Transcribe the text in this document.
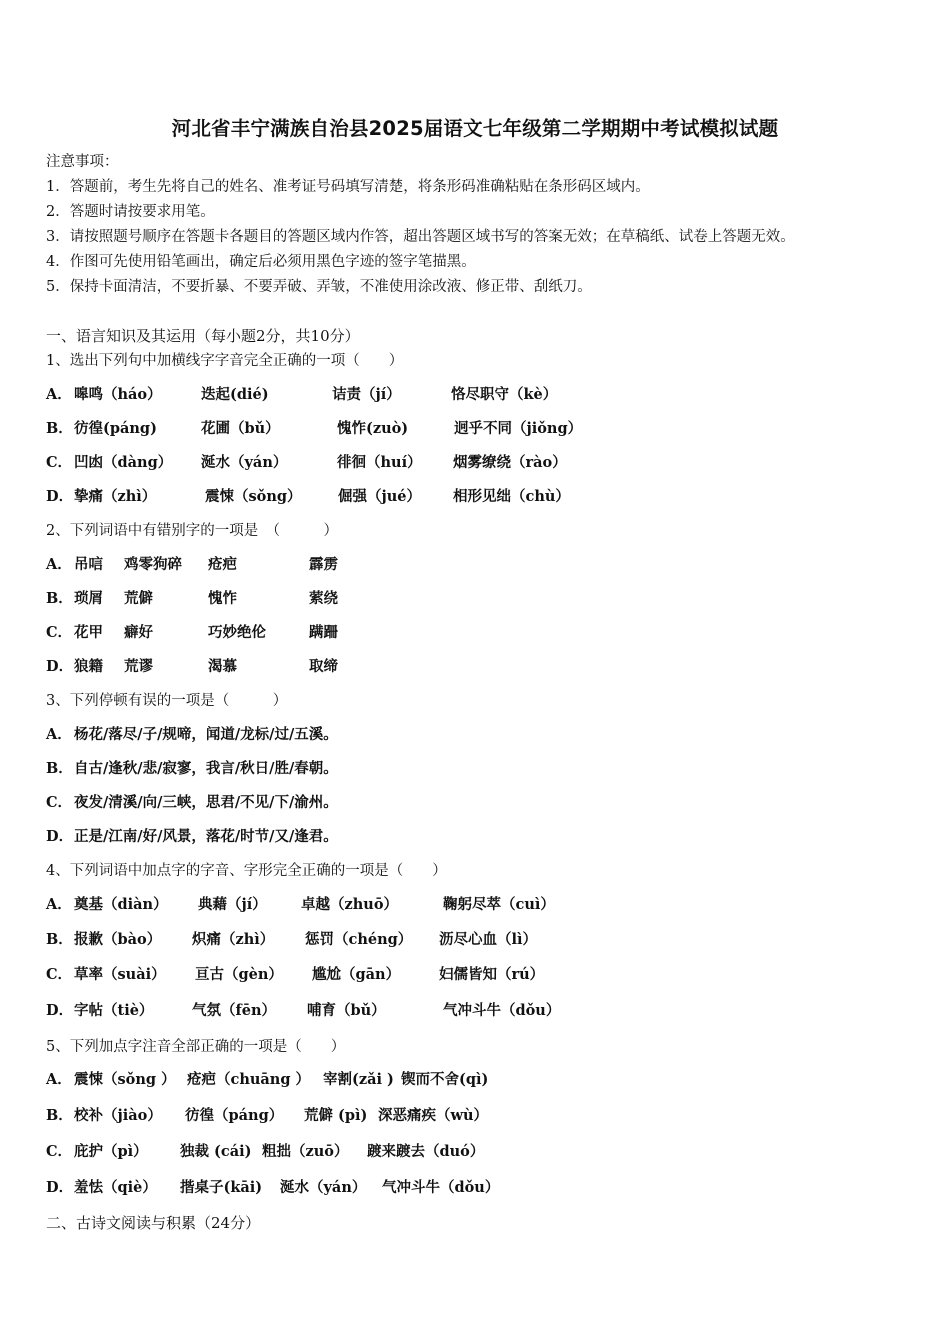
河北省丰宁满族自治县2025届语文七年级第二学期期中考试模拟试题
注意事项：
1．答题前，考生先将自己的姓名、准考证号码填写清楚，将条形码准确粘贴在条形码区域内。
2．答题时请按要求用笔。
3．请按照题号顺序在答题卡各题目的答题区域内作答，超出答题区域书写的答案无效；在草稿纸、试卷上答题无效。
4．作图可先使用铅笔画出，确定后必须用黑色字迹的签字笔描黑。
5．保持卡面清洁，不要折暴、不要弄破、弄皱，不准使用涂改液、修正带、刮纸刀。
一、语言知识及其运用（每小题2分，共10分）
1、选出下列句中加横线字字音完全正确的一项（　　）
A． 嗥鸣（háo）	迭起(dié)	诘责（jí）	恪尽职守（kè）
B．彷徨(páng)	花圃（bǔ）	愧怍(zuò)	迥乎不同（jiǒng）
C． 凹凼（dàng） 涎水（yán）	徘徊（huí） 烟雾缭绕（rào）
D．挚痛（zhì）	震悚（sǒng）	倔强（jué） 相形见绌（chù）
2、下列词语中有错别字的一项是　（　　　）
A． 吊唁 鸡零狗碎 疮疤	霹雳
B．琐屑 荒僻	愧怍	萦绕
C． 花甲 癖好	巧妙绝伦	蹒跚
D．狼籍 荒谬	渴慕	取缔
3、下列停顿有误的一项是（　　　）
A． 杨花/落尽/子/规啼，闻道/龙标/过/五溪。
B．自古/逢秋/悲/寂寥，我言/秋日/胜/春朝。
C． 夜发/清溪/向/三峡，思君/不见/下/渝州。
D．正是/江南/好/风景，落花/时节/又/逢君。
4、下列词语中加点字的字音、字形完全正确的一项是（　　）
A． 奠基（diàn） 典藉（jí） 卓越（zhuō）	鞠躬尽萃（cuì）
B．报歉（bào） 炽痛（zhì） 惩罚（chéng） 沥尽心血（lì）
C． 草率（suài） 亘古（gèn） 尴尬（gān）	妇儒皆知（rú）
D．字帖（tiè）	气氛（fēn） 哺育（bǔ）	气冲斗牛（dǒu）
5、下列加点字注音全部正确的一项是（　　）
A． 震悚（sǒng ） 疮疤（chuāng ） 宰割(zǎi ) 锲而不舍(qì)
B．校补（jiào） 彷徨（páng） 荒僻 (pì) 深恶痛疾（wù）
C． 庇护（pì） 独裁 (cái) 粗拙（zuō） 踱来踱去（duó）
D．羞怯（qiè） 揩桌子(kāi) 涎水（yán） 气冲斗牛（dǒu）
二、古诗文阅读与积累（24分）
